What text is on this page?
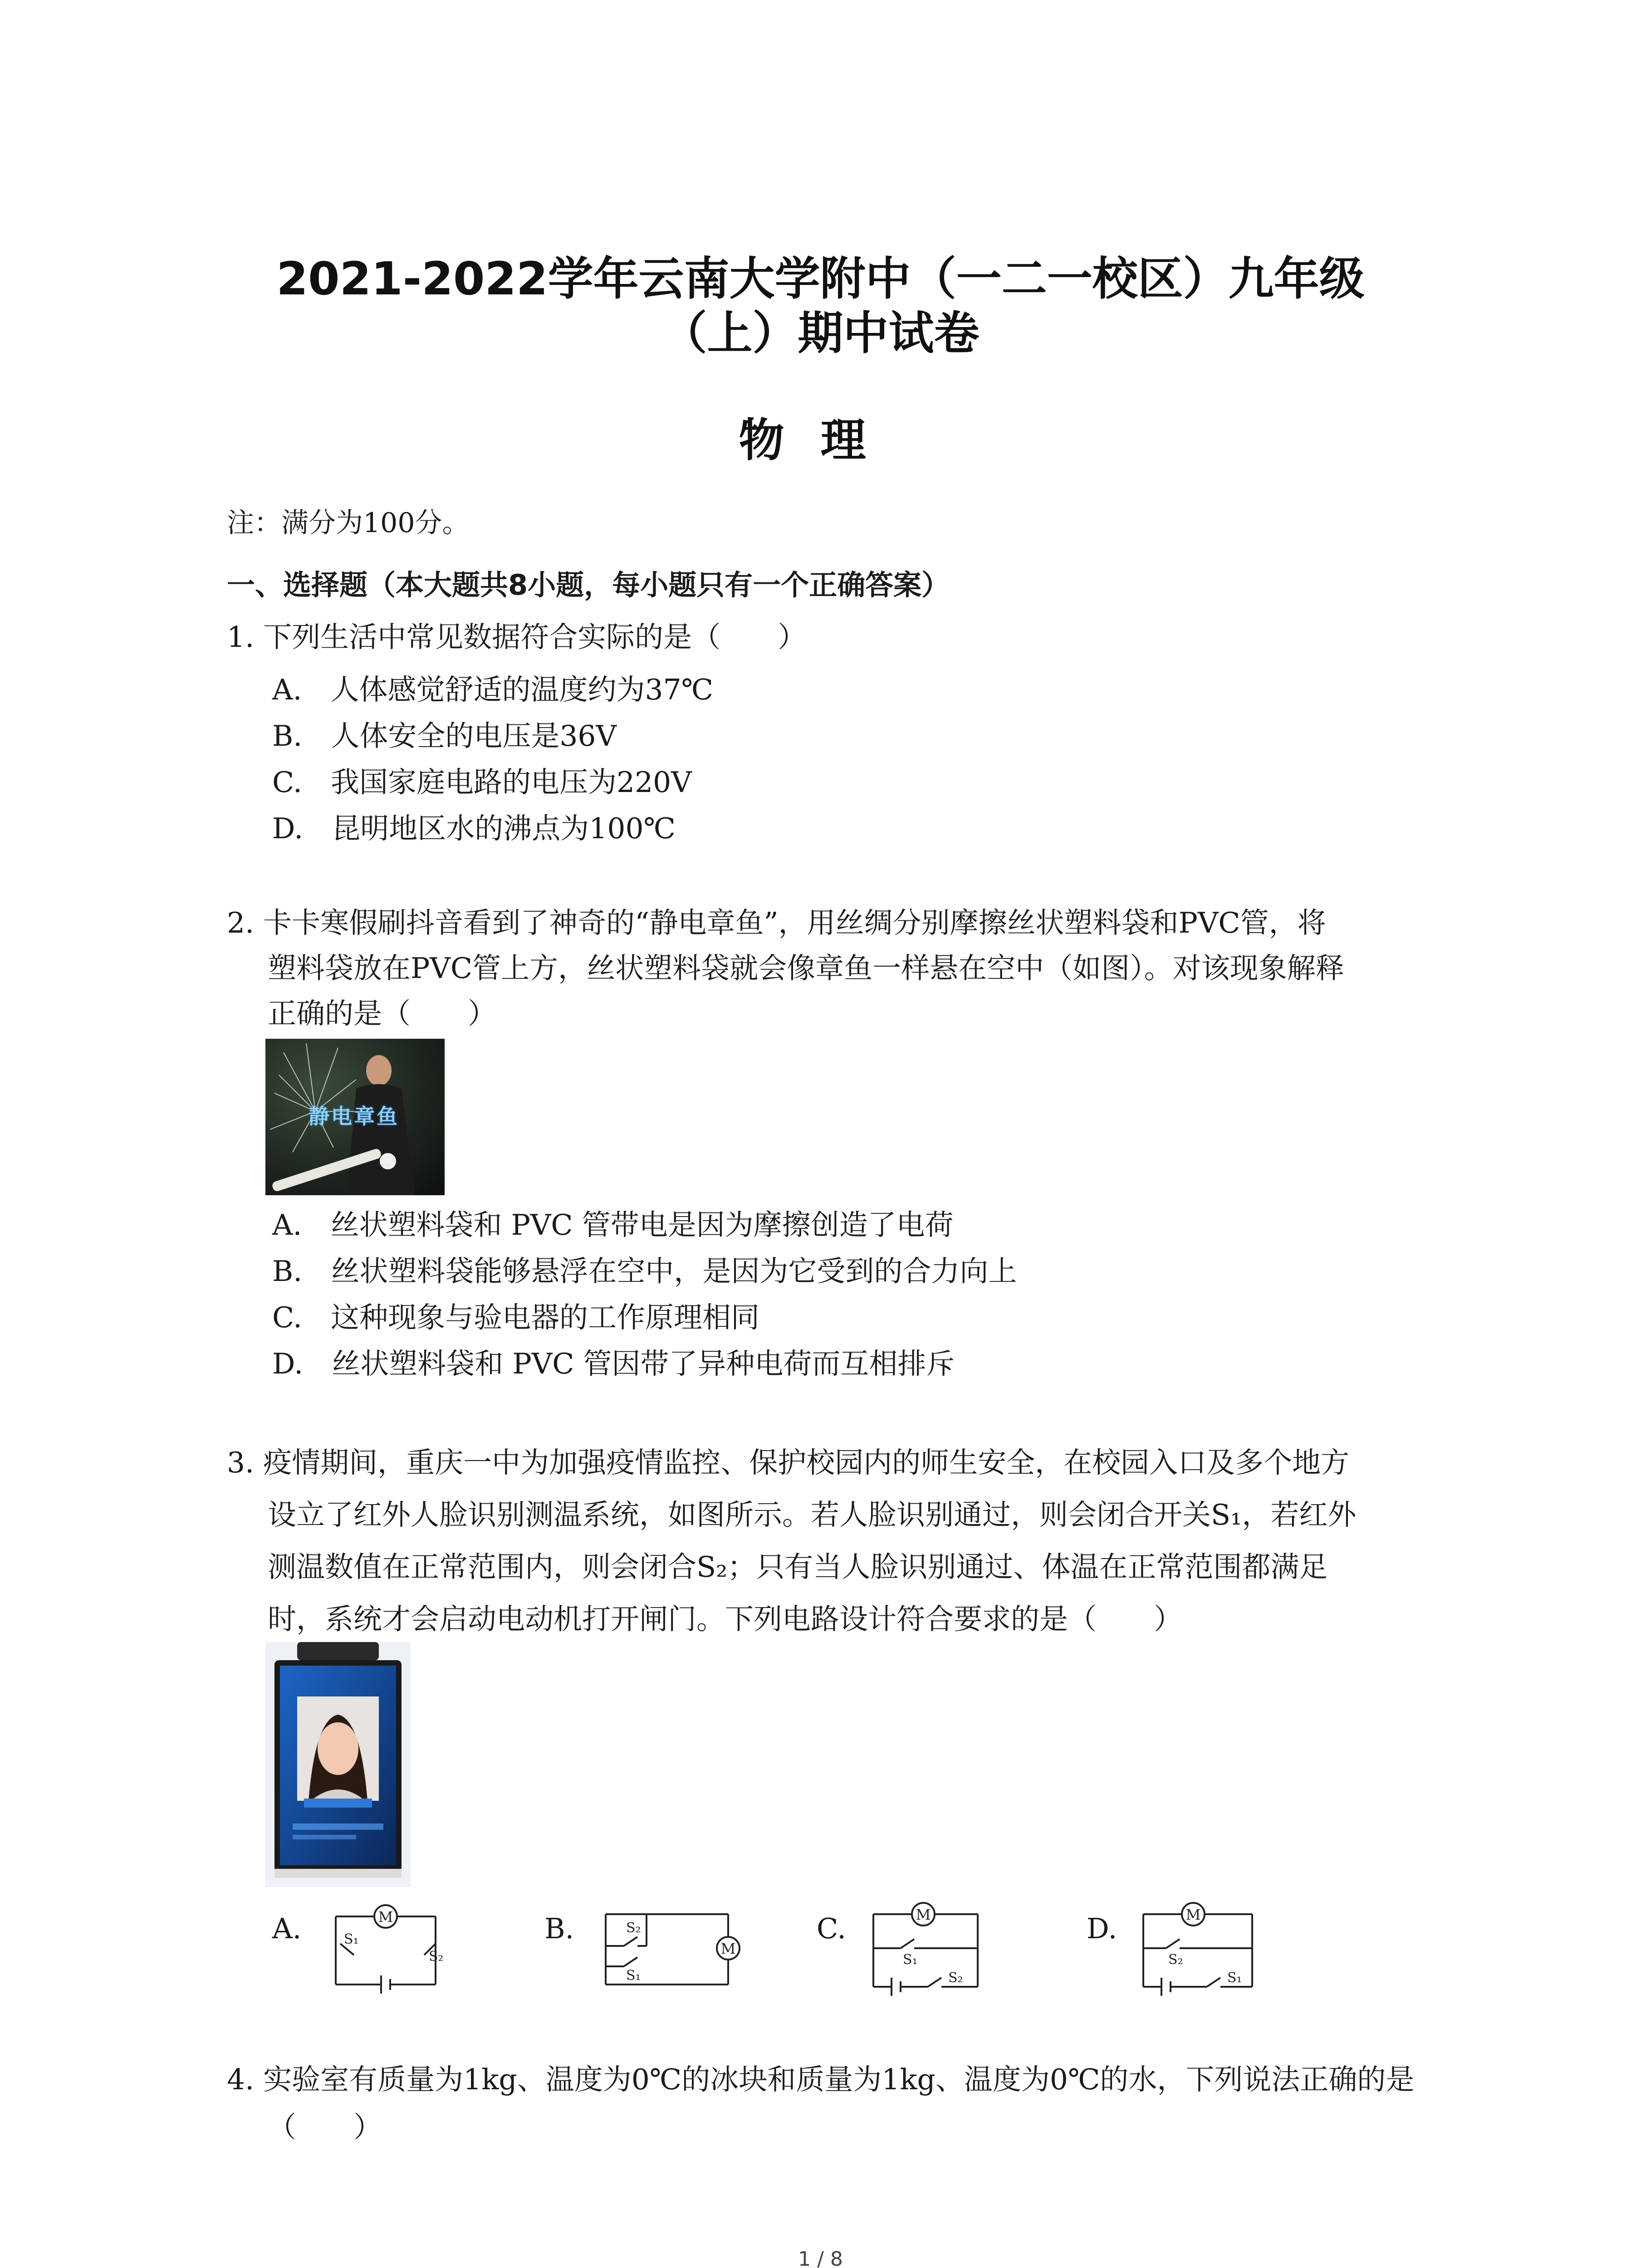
2021-2022学年云南大学附中（一二一校区）九年级
（上）期中试卷
物理
注：满分为100分。
一、选择题（本大题共8小题，每小题只有一个正确答案）
1. 下列生活中常见数据符合实际的是（　　）
A.　人体感觉舒适的温度约为37℃
B.　人体安全的电压是36V
C.　我国家庭电路的电压为220V
D.　昆明地区水的沸点为100℃
2. 卡卡寒假刷抖音看到了神奇的“静电章鱼”，用丝绸分别摩擦丝状塑料袋和PVC管，将
塑料袋放在PVC管上方，丝状塑料袋就会像章鱼一样悬在空中（如图）。对该现象解释
正确的是（　　）
静电章鱼
A.　丝状塑料袋和 PVC 管带电是因为摩擦创造了电荷
B.　丝状塑料袋能够悬浮在空中，是因为它受到的合力向上
C.　这种现象与验电器的工作原理相同
D.　丝状塑料袋和 PVC 管因带了异种电荷而互相排斥
3. 疫情期间，重庆一中为加强疫情监控、保护校园内的师生安全，在校园入口及多个地方
设立了红外人脸识别测温系统，如图所示。若人脸识别通过，则会闭合开关S₁，若红外
测温数值在正常范围内，则会闭合S₂；只有当人脸识别通过、体温在正常范围都满足
时，系统才会启动电动机打开闸门。下列电路设计符合要求的是（　　）
A.	M
S₁
S₂
B.
M
S₂
S₁
C.	M
S₁
S₂
D.	M
S₂
S₁
4. 实验室有质量为1kg、温度为0℃的冰块和质量为1kg、温度为0℃的水，下列说法正确的是
（　　）
1 / 8
